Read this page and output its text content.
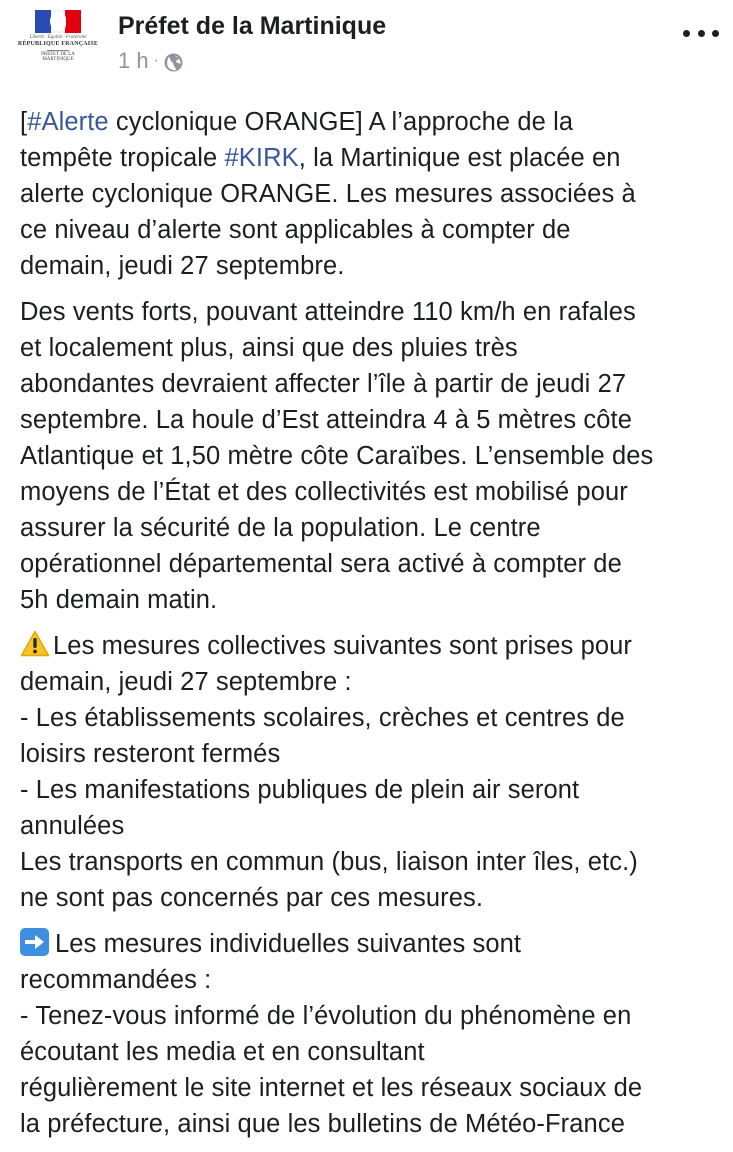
Liberté · Égalité · Fraternité
RÉPUBLIQUE FRANÇAISE
PRÉFET DE LA
MARTINIQUE
Préfet de la Martinique
1 h ·
[#Alerte cyclonique ORANGE] A l’approche de la
tempête tropicale #KIRK, la Martinique est placée en
alerte cyclonique ORANGE. Les mesures associées à
ce niveau d’alerte sont applicables à compter de
demain, jeudi 27 septembre.
Des vents forts, pouvant atteindre 110 km/h en rafales
et localement plus, ainsi que des pluies très
abondantes devraient affecter l’île à partir de jeudi 27
septembre. La houle d’Est atteindra 4 à 5 mètres côte
Atlantique et 1,50 mètre côte Caraïbes. L’ensemble des
moyens de l’État et des collectivités est mobilisé pour
assurer la sécurité de la population. Le centre
opérationnel départemental sera activé à compter de
5h demain matin.
Les mesures collectives suivantes sont prises pour
demain, jeudi 27 septembre :
- Les établissements scolaires, crèches et centres de
loisirs resteront fermés
- Les manifestations publiques de plein air seront
annulées
Les transports en commun (bus, liaison inter îles, etc.)
ne sont pas concernés par ces mesures.
Les mesures individuelles suivantes sont
recommandées :
- Tenez-vous informé de l’évolution du phénomène en
écoutant les media et en consultant
régulièrement le site internet et les réseaux sociaux de
la préfecture, ainsi que les bulletins de Météo-France
